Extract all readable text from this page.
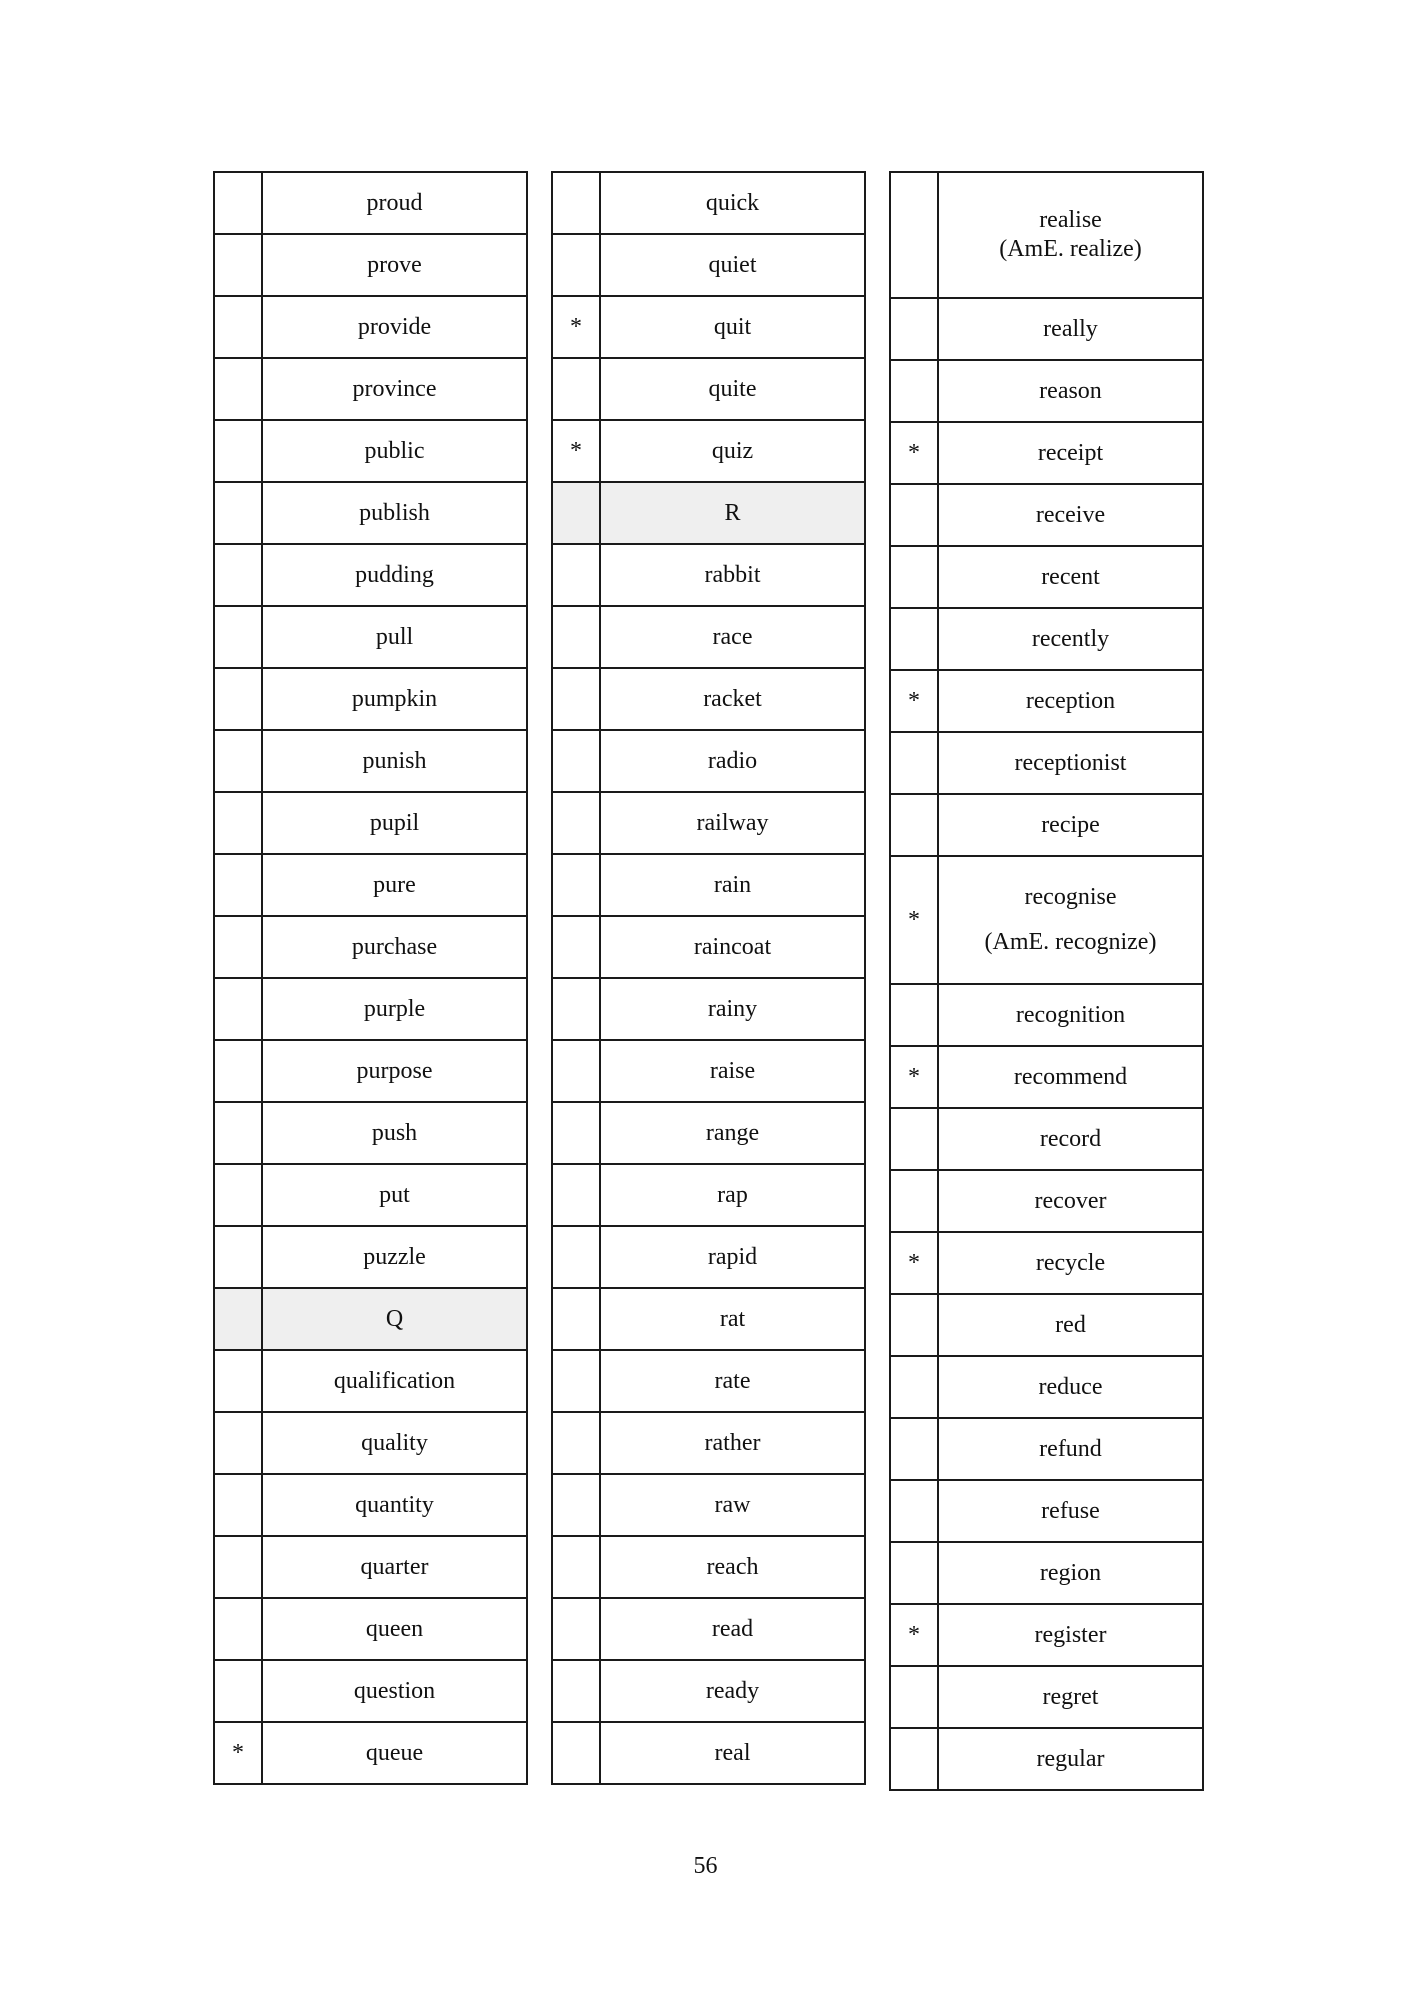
	proud
	prove
	provide
	province
	public
	publish
	pudding
	pull
	pumpkin
	punish
	pupil
	pure
	purchase
	purple
	purpose
	push
	put
	puzzle
	Q
	qualification
	quality
	quantity
	quarter
	queen
	question
*	queue
	quick
	quiet
*	quit
	quite
*	quiz
	R
	rabbit
	race
	racket
	radio
	railway
	rain
	raincoat
	rainy
	raise
	range
	rap
	rapid
	rat
	rate
	rather
	raw
	reach
	read
	ready
	real
	realise
(AmE. realize)
	really
	reason
*	receipt
	receive
	recent
	recently
*	reception
	receptionist
	recipe
*	recognise
(AmE. recognize)

	recognition
*	recommend
	record
	recover
*	recycle
	red
	reduce
	refund
	refuse
	region
*	register
	regret
	regular
56
